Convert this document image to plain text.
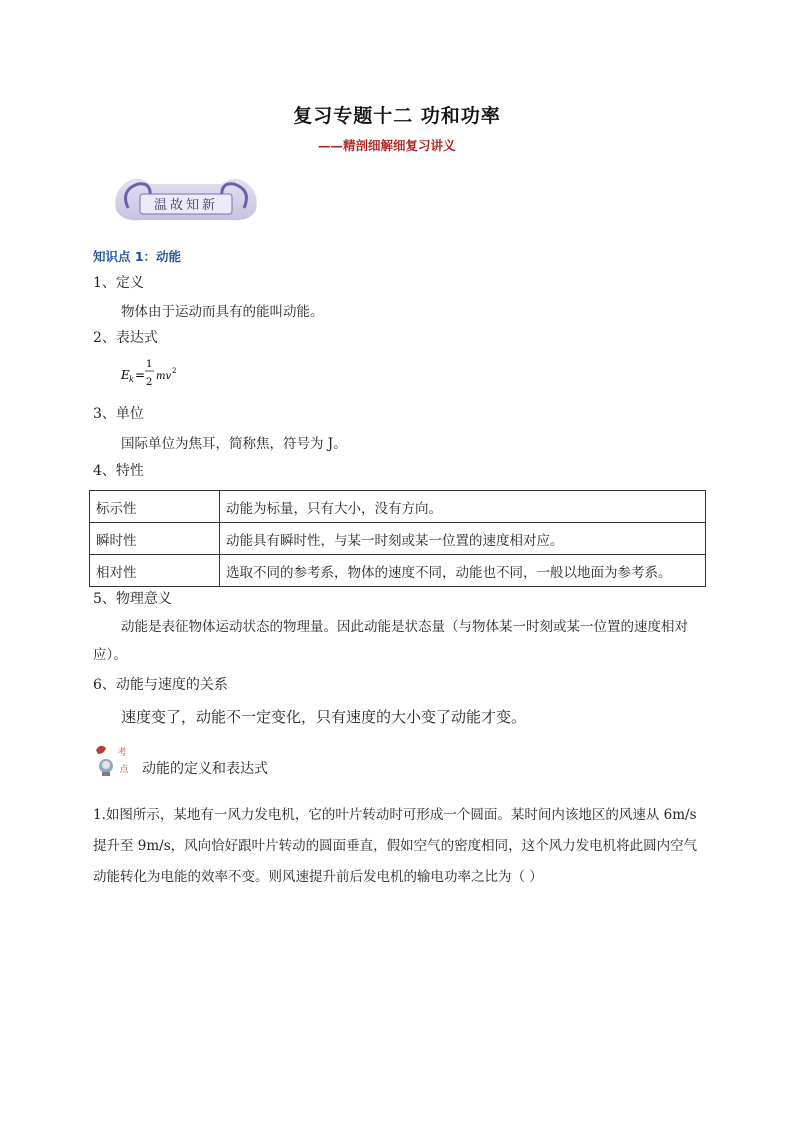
复习专题十二 功和功率
——精剖细解细复习讲义
温故知新
知识点 1：动能
1、定义
物体由于运动而具有的能叫动能。
2、表达式
E k =
1
2
mv 2
3、单位
国际单位为焦耳，简称焦，符号为 J。
4、特性
标示性	动能为标量，只有大小，没有方向。
瞬时性	动能具有瞬时性，与某一时刻或某一位置的速度相对应。
相对性	选取不同的参考系，物体的速度不同，动能也不同，一般以地面为参考系。
5、物理意义
动能是表征物体运动状态的物理量。因此动能是状态量（与物体某一时刻或某一位置的速度相对应）。
6、动能与速度的关系
速度变了，动能不一定变化，只有速度的大小变了动能才变。
考
点 动能的定义和表达式
1.如图所示，某地有一风力发电机，它的叶片转动时可形成一个圆面。某时间内该地区的风速从 6m/s 提升至 9m/s，风向恰好跟叶片转动的圆面垂直，假如空气的密度相同，这个风力发电机将此圆内空气动能转化为电能的效率不变。则风速提升前后发电机的输电功率之比为（ ）
